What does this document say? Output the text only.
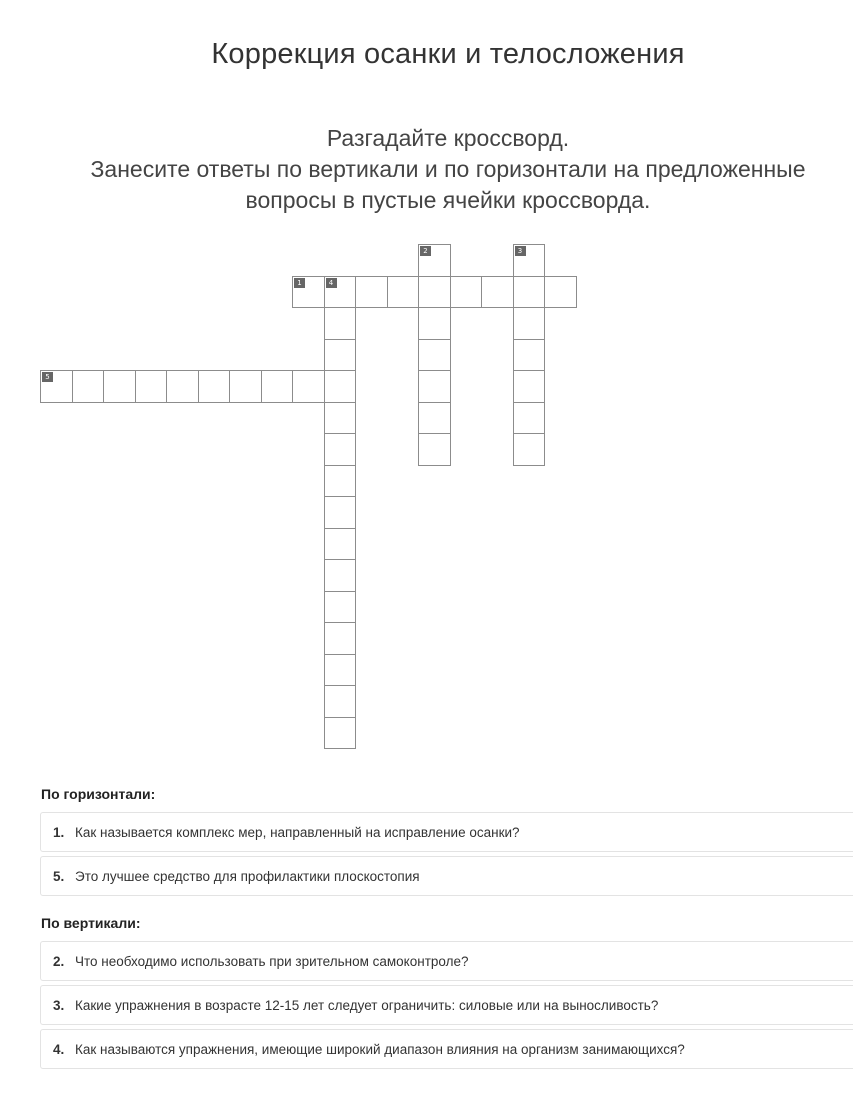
Коррекция осанки и телосложения
Разгадайте кроссворд.
Занесите ответы по вертикали и по горизонтали на предложенные
вопросы в пустые ячейки кроссворда.
1	4
2	3
5
По горизонтали:
1. Как называется комплекс мер, направленный на исправление осанки?
5. Это лучшее средство для профилактики плоскостопия
По вертикали:
2. Что необходимо использовать при зрительном самоконтроле?
3. Какие упражнения в возрасте 12-15 лет следует ограничить: силовые или на выносливость?
4. Как называются упражнения, имеющие широкий диапазон влияния на организм занимающихся?
